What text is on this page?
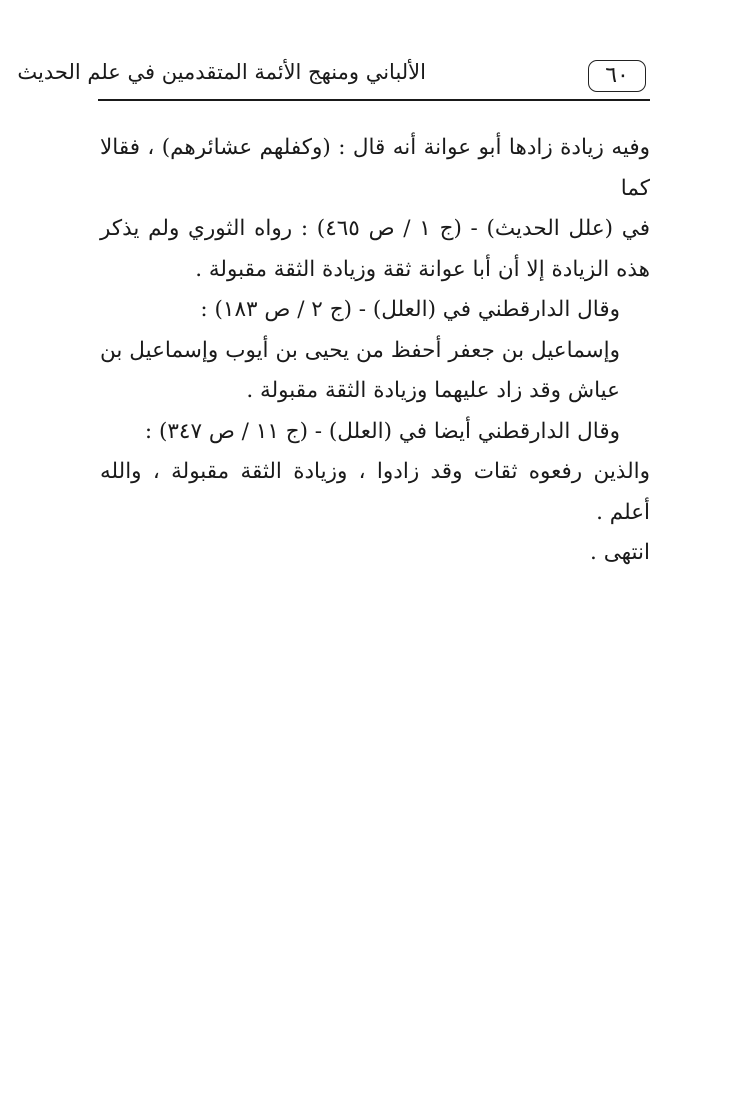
٦٠
الألباني ومنهج الأئمة المتقدمين في علم الحديث

وفيه زيادة زادها أبو عوانة أنه قال : (وكفلهم عشائرهم) ، فقالا كما
في (علل الحديث) - (ج ١ / ص ٤٦٥) : رواه الثوري ولم يذكر
هذه الزيادة إلا أن أبا عوانة ثقة وزيادة الثقة مقبولة .

وقال الدارقطني في (العلل) - (ج ٢ / ص ١٨٣) :

وإسماعيل بن جعفر أحفظ من يحيى بن أيوب وإسماعيل بن
عياش وقد زاد عليهما وزيادة الثقة مقبولة .

وقال الدارقطني أيضا في (العلل) - (ج ١١ / ص ٣٤٧) :

والذين رفعوه ثقات وقد زادوا ، وزيادة الثقة مقبولة ، والله أعلم .
انتهى .
